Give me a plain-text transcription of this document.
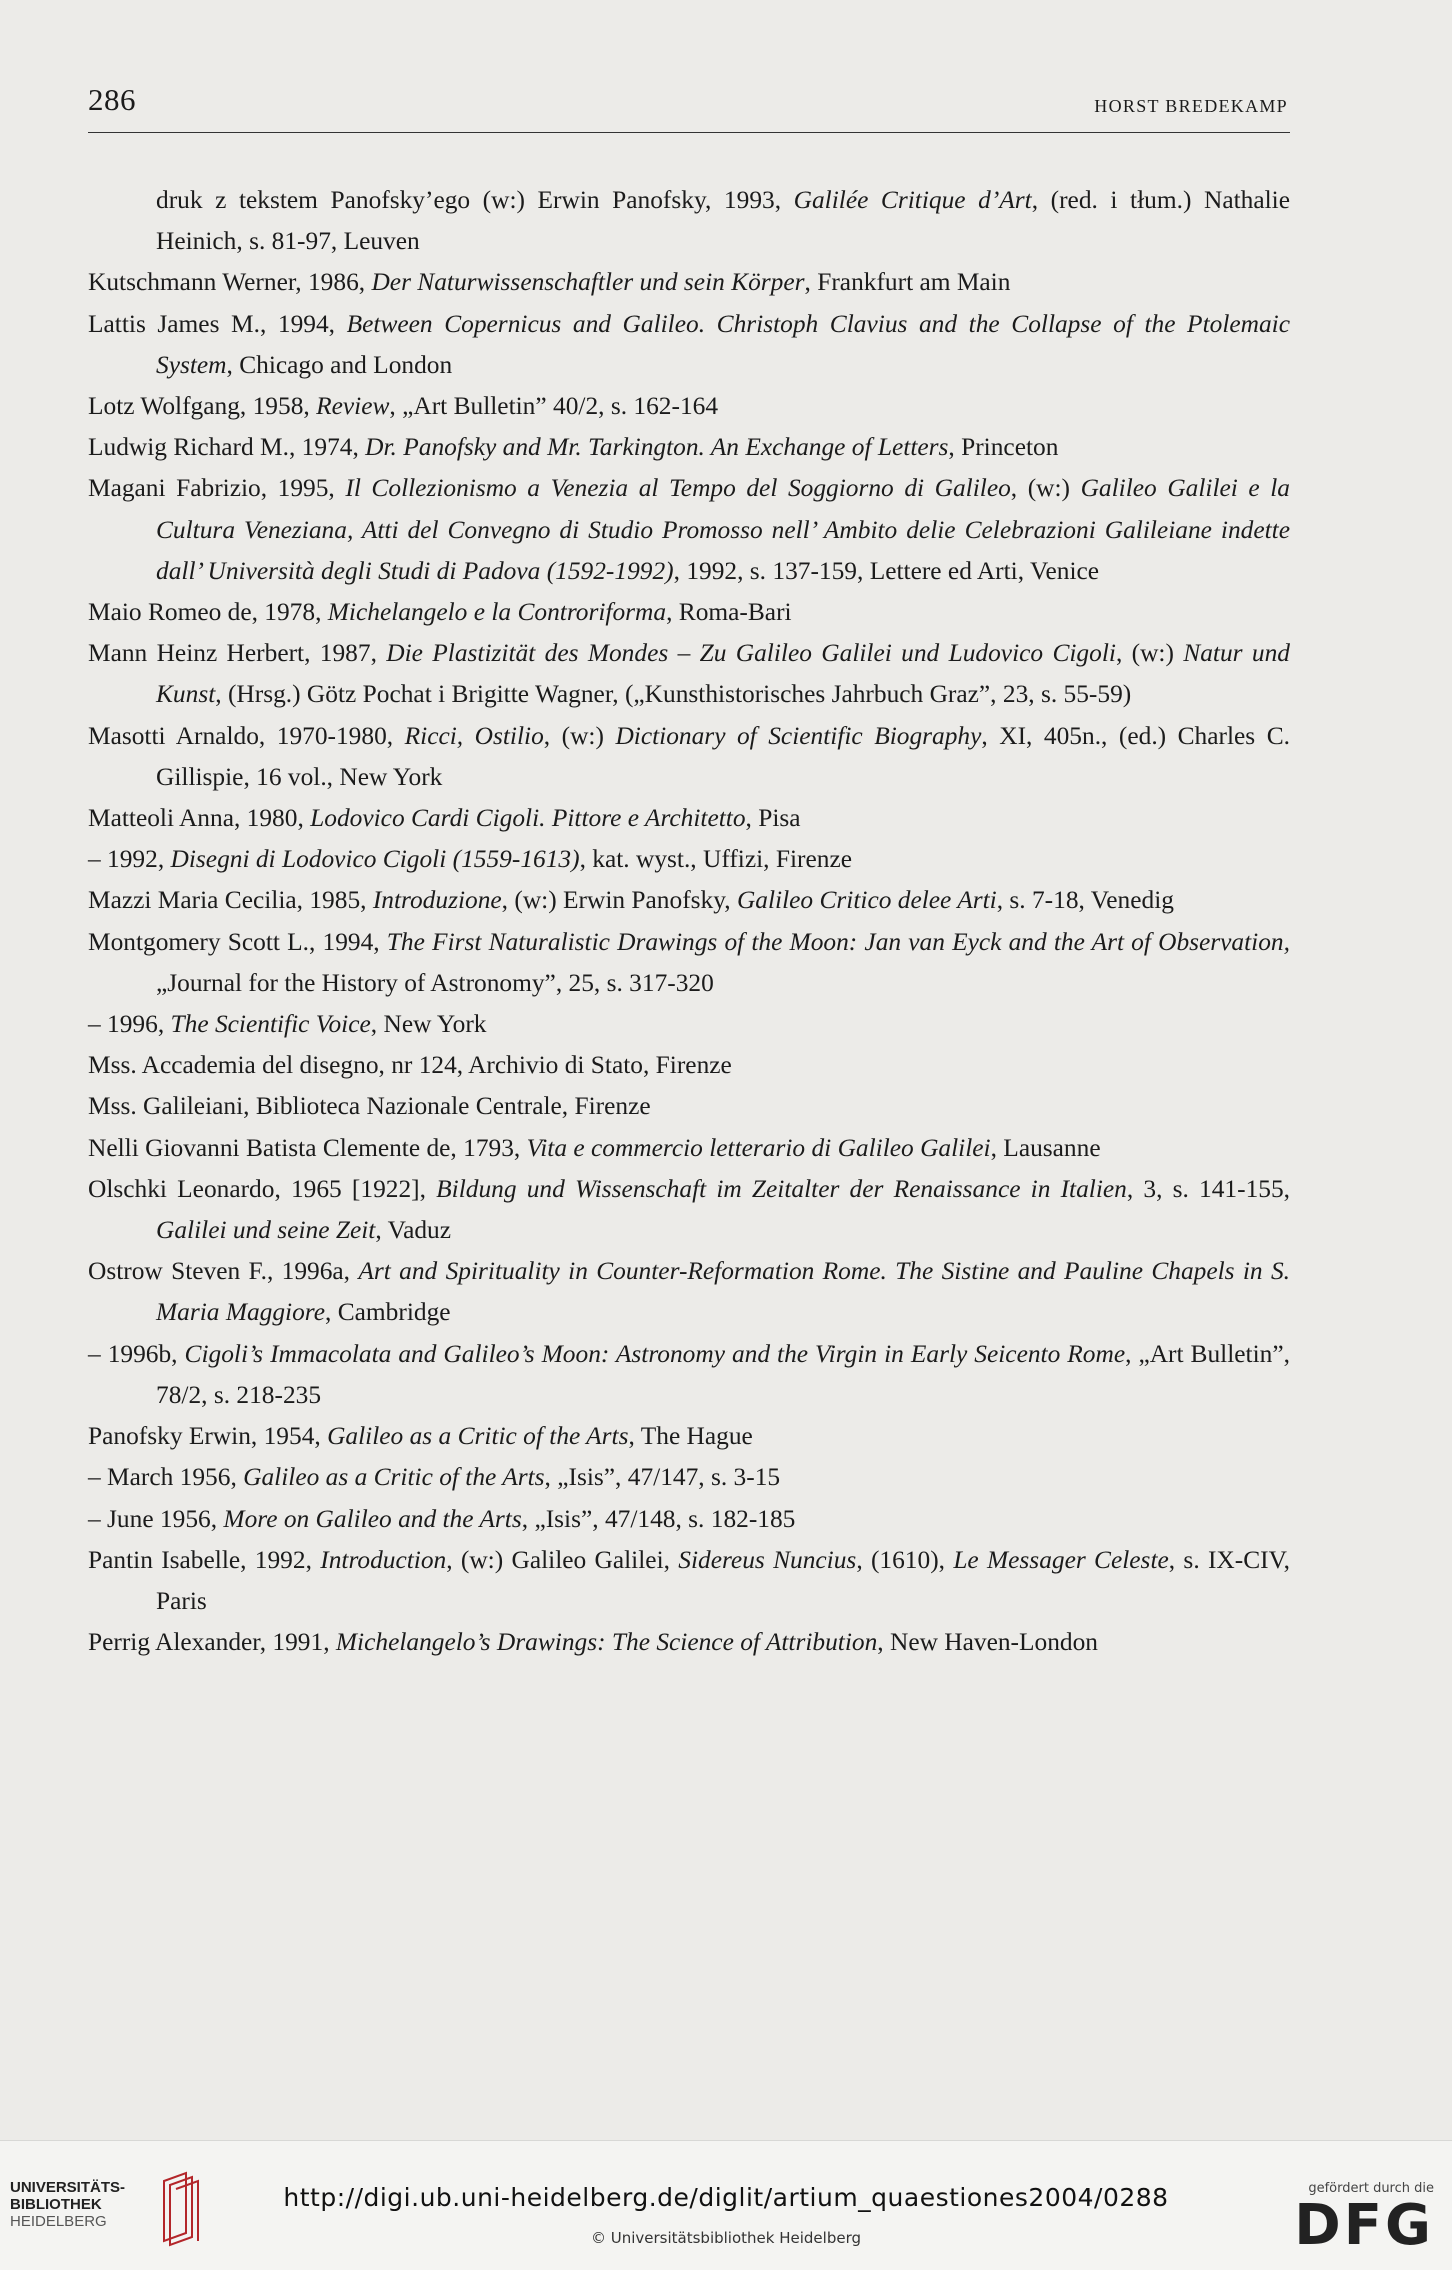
286	HORST BREDEKAMP
druk z tekstem Panofsky’ego (w:) Erwin Panofsky, 1993, Galilée Critique d’Art, (red. i tłum.) Nathalie Heinich, s. 81-97, Leuven
Kutschmann Werner, 1986, Der Naturwissenschaftler und sein Körper, Frankfurt am Main
Lattis James M., 1994, Between Copernicus and Galileo. Christoph Clavius and the Collapse of the Ptolemaic System, Chicago and London
Lotz Wolfgang, 1958, Review, „Art Bulletin” 40/2, s. 162-164
Ludwig Richard M., 1974, Dr. Panofsky and Mr. Tarkington. An Exchange of Letters, Princeton
Magani Fabrizio, 1995, Il Collezionismo a Venezia al Tempo del Soggiorno di Galileo, (w:) Galileo Galilei e la Cultura Veneziana, Atti del Convegno di Studio Promosso nell’ Ambito delie Celebrazioni Galileiane indette dall’ Università degli Studi di Padova (1592-1992), 1992, s. 137-159, Lettere ed Arti, Venice
Maio Romeo de, 1978, Michelangelo e la Controriforma, Roma-Bari
Mann Heinz Herbert, 1987, Die Plastizität des Mondes – Zu Galileo Galilei und Ludovico Cigoli, (w:) Natur und Kunst, (Hrsg.) Götz Pochat i Brigitte Wagner, („Kunsthistorisches Jahrbuch Graz”, 23, s. 55-59)
Masotti Arnaldo, 1970-1980, Ricci, Ostilio, (w:) Dictionary of Scientific Biography, XI, 405n., (ed.) Charles C. Gillispie, 16 vol., New York
Matteoli Anna, 1980, Lodovico Cardi Cigoli. Pittore e Architetto, Pisa
– 1992, Disegni di Lodovico Cigoli (1559-1613), kat. wyst., Uffizi, Firenze
Mazzi Maria Cecilia, 1985, Introduzione, (w:) Erwin Panofsky, Galileo Critico delee Arti, s. 7-18, Venedig
Montgomery Scott L., 1994, The First Naturalistic Drawings of the Moon: Jan van Eyck and the Art of Observation, „Journal for the History of Astronomy”, 25, s. 317-320
– 1996, The Scientific Voice, New York
Mss. Accademia del disegno, nr 124, Archivio di Stato, Firenze
Mss. Galileiani, Biblioteca Nazionale Centrale, Firenze
Nelli Giovanni Batista Clemente de, 1793, Vita e commercio letterario di Galileo Galilei, Lausanne
Olschki Leonardo, 1965 [1922], Bildung und Wissenschaft im Zeitalter der Renaissance in Italien, 3, s. 141-155, Galilei und seine Zeit, Vaduz
Ostrow Steven F., 1996a, Art and Spirituality in Counter-Reformation Rome. The Sistine and Pauline Chapels in S. Maria Maggiore, Cambridge
– 1996b, Cigoli’s Immacolata and Galileo’s Moon: Astronomy and the Virgin in Early Seicento Rome, „Art Bulletin”, 78/2, s. 218-235
Panofsky Erwin, 1954, Galileo as a Critic of the Arts, The Hague
– March 1956, Galileo as a Critic of the Arts, „Isis”, 47/147, s. 3-15
– June 1956, More on Galileo and the Arts, „Isis”, 47/148, s. 182-185
Pantin Isabelle, 1992, Introduction, (w:) Galileo Galilei, Sidereus Nuncius, (1610), Le Messager Celeste, s. IX-CIV, Paris
Perrig Alexander, 1991, Michelangelo’s Drawings: The Science of Attribution, New Haven-London
UNIVERSITÄTS-
BIBLIOTHEK
HEIDELBERG
http://digi.ub.uni-heidelberg.de/diglit/artium_quaestiones2004/0288
© Universitätsbibliothek Heidelberg
gefördert durch die
DFG
